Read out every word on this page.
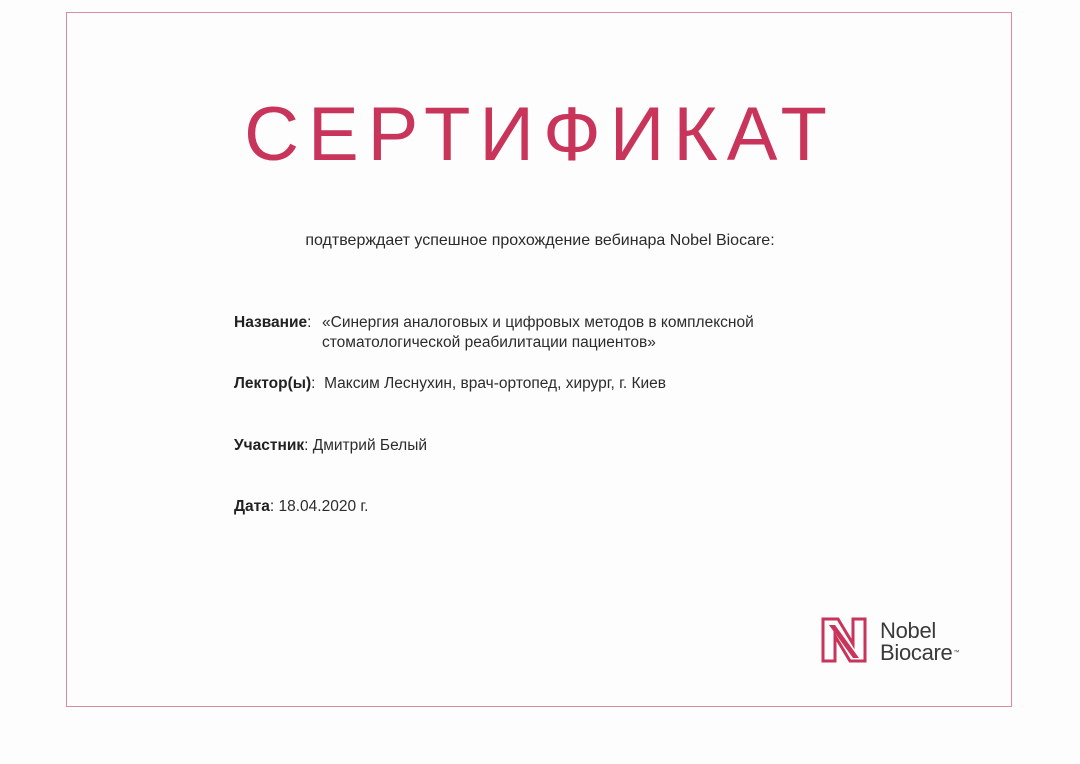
СЕРТИФИКАТ
подтверждает успешное прохождение вебинара Nobel Biocare:
Название: «Синергия аналоговых и цифровых методов в комплексной
стоматологической реабилитации пациентов»
Лектор(ы): Максим Леснухин, врач-ортопед, хирург, г. Киев
Участник: Дмитрий Белый
Дата: 18.04.2020 г.
Nobel
Biocare™
